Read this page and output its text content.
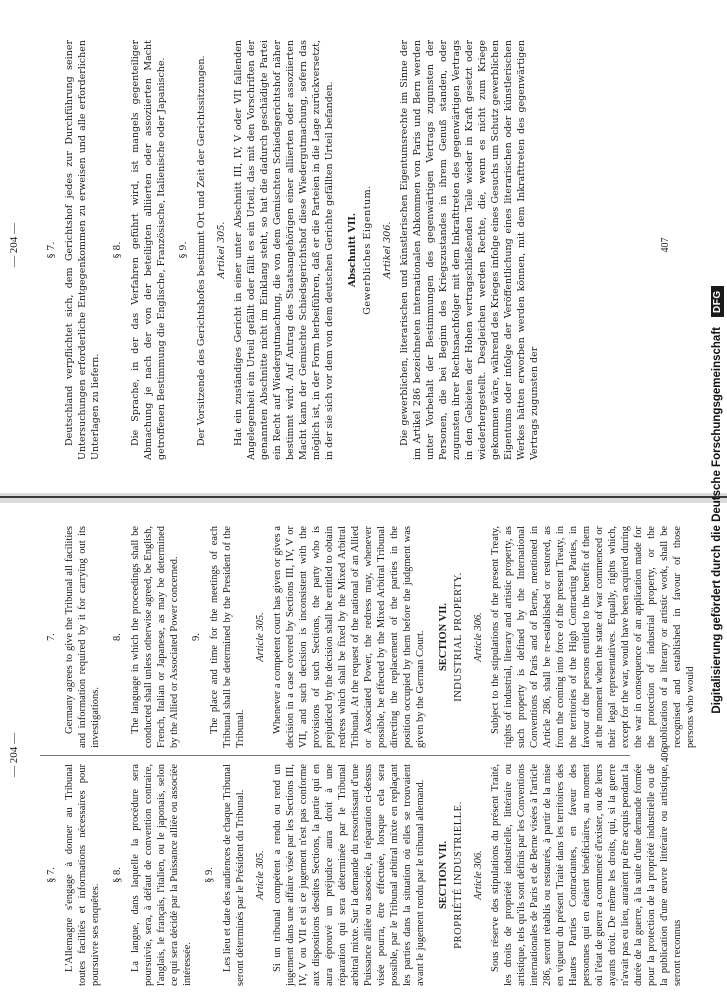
— 204 —
§ 7. L'Allemagne s'engage à donner au Tribunal toutes facilités et informations nécessaires pour poursuivre ses enquêtes.

§ 8. La langue, dans laquelle la procédure sera poursuivie, sera, à défaut de convention contraire, l'anglais, le français, l'italien, ou le japonais, selon ce qui sera décidé par la Puissance alliée ou associée intéressée.

§ 9. Les lieu et date des audiences de chaque Tribunal seront déterminés par le Président du Tribunal. Article 305. Si un tribunal compétent a rendu ou rend un jugement dans une affaire visée par les Sections III, IV, V ou VII et si ce jugement n'est pas conforme aux dispositions desdites Sections, la partie qui en aura éprouvé un préjudice aura droit à une réparation qui sera déterminée par le Tribunal arbitral mixte. Sur la demande du ressortissant d'une Puissance alliée ou associée, la réparation ci-dessus visée pourra, être effectuée, lorsque cela sera possible, par le Tribunal arbitral mixte en replaçant les parties dans la situation où elles se trouvaient avant le jugement rendu par le tribunal allemand. SECTION VII. PROPRIÉTÉ INDUSTRIELLE. Article 306. Sous réserve des stipulations du présent Traité, les droits de propriété industrielle, littéraire ou artistique, tels qu'ils sont définis par les Conventions internationales de Paris et de Berne visées à l'article 286, seront rétablis ou restaurés, à partir de la mise en vigueur du présent Traité dans les territoires des Hautes Parties Contractantes, en faveur des personnes qui en étaient bénéficiaires, au moment où l'état de guerre a commencé d'exister, ou de leurs ayants droit. De même les droits, qui, si la guerre n'avait pas eu lieu, auraient pu être acquis pendant la durée de la guerre, à la suite d'une demande formée pour la protection de la propriété industrielle ou de la publication d'une œuvre littéraire ou artistique, seront reconnus

7. Germany agrees to give the Tribunal all facilities and information required by it for carrying out its investigations.

8. The language in which the proceedings shall be conducted shall unless otherwise agreed, be English, French, Italian or Japanese, as may be determined by the Allied or Associated Power concerned. 9. The place and time for the meetings of each Tribunal shall be determined by the President of the Tribunal.

Article 305. Whenever a competent court has given or gives a decision in a case covered by Sections III, IV, V or VII, and such decision is inconsistent with the provisions of such Sections, the party who is prejudiced by the decision shall be entitled to obtain redress which shall be fixed by the Mixed Arbitral Tribunal. At the request of the national of an Allied or Associated Power, the redress may, whenever possible, be effected by the Mixed Arbitral Tribunal directing the replacement of the parties in the position occupied by them before the judgment was given by the German Court. SECTION VII. INDUSTRIAL PROPERTY. Article 306. Subject to the stipulations of the present Treaty, rights of industrial, literary and artistic property, as such property is defined by the International Conventions of Paris and of Berne, mentioned in Article 286, shall be re-established or restored, as from the coming into force of the present Treaty, in the territories of the High Contracting Parties, in favour of the persons entitled to the benefit of them at the moment when the state of war commenced or their legal representatives. Equally, rights which, except for the war, would have been acquired during the war in consequence of an application made for the protection of industrial property, or the publication of a literary or artistic work, shall be recognised and established in favour of those persons who would

406
— 204 —	§ 7. Deutschland verpflichtet sich, dem Gerichtshof jedes zur Durchführung seiner Untersuchungen erforderliche Entgegenkommen zu erweisen und alle erforderlichen Unterlagen zu liefern.

§ 8. Die Sprache, in der das Verfahren geführt wird, ist mangels gegenteiliger Abmachung je nach der von der beteiligten alliierten oder assoziierten Macht getroffenen Bestimmung die Englische, Französische, Italienische oder Japanische. § 9. Der Vorsitzende des Gerichtshofes bestimmt Ort und Zeit der Gerichtssitzungen. Artikel 305. Hat ein zuständiges Gericht in einer unter Abschnitt III, IV, V oder VII fallenden Angelegenheit ein Urteil gefällt oder fällt es ein Urteil, das mit den Vorschriften der genannten Abschnitte nicht im Einklang steht, so hat die dadurch geschädigte Partei ein Recht auf Wiedergutmachung, die von dem Gemischten Schiedsgerichtshof näher bestimmt wird. Auf Antrag des Staatsangehörigen einer alliierten oder assoziierten Macht kann der Gemischte Schiedsgerichtshof diese Wiedergutmachung, sofern das möglich ist, in der Form herbeiführen, daß er die Parteien in die Lage zurückversetzt, in der sie sich vor dem von dem deutschen Gerichte gefällten Urteil befanden. Abschnitt VII. Gewerbliches Eigentum. Artikel 306. Die gewerblichen, literarischen und künstlerischen Eigentumsrechte im Sinne der im Artikel 286 bezeichneten internationalen Abkommen von Paris und Bern werden unter Vorbehalt der Bestimmungen des gegenwärtigen Vertrags zugunsten der Personen, die bei Beginn des Kriegszustandes in ihrem Genuß standen, oder zugunsten ihrer Rechtsnachfolger mit dem Inkrafttreten des gegenwärtigen Vertrags in den Gebieten der Hohen vertragschließenden Teile wieder in Kraft gesetzt oder wiederhergestellt. Desgleichen werden Rechte, die, wenn es nicht zum Kriege gekommen wäre, während des Krieges infolge eines Gesuchs um Schutz gewerblichen Eigentums oder infolge der Veröffentlichung eines literarischen oder künstlerischen Werkes hätten erworben werden können, mit dem Inkrafttreten des gegenwärtigen Vertrags zugunsten der

407
Digitalisierung gefördert durch die Deutsche Forschungsgemeinschaft
DFG
